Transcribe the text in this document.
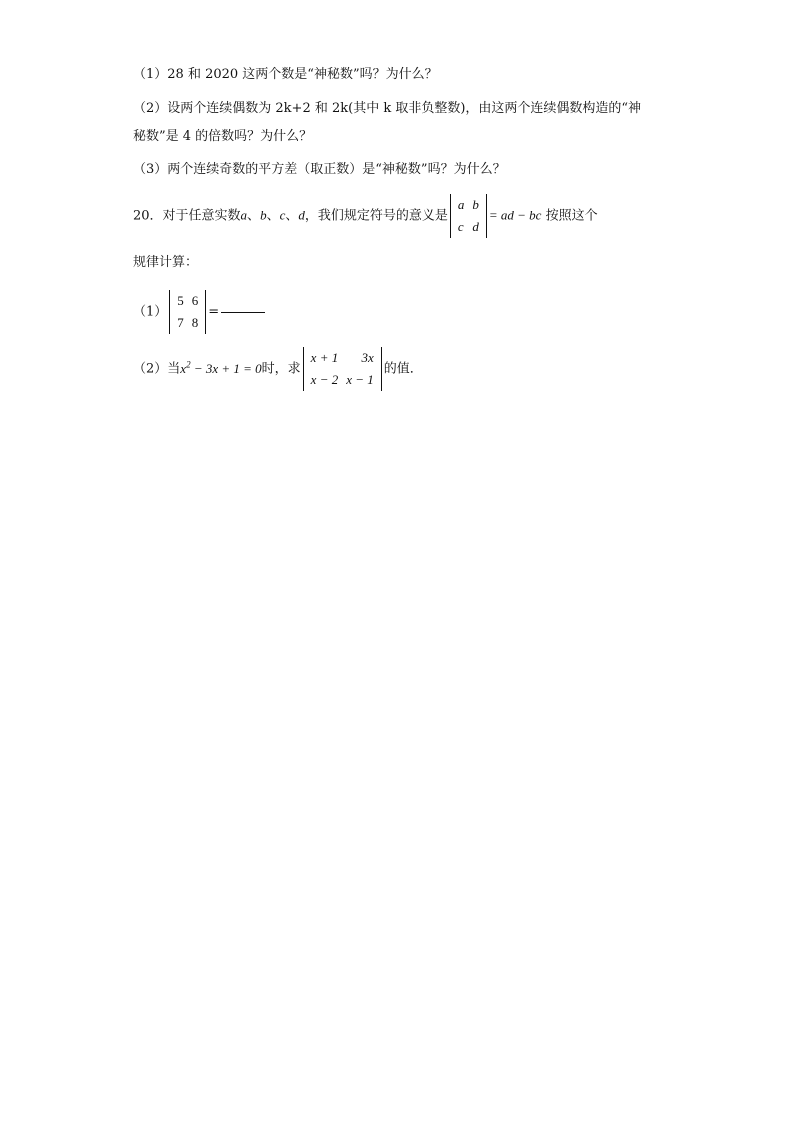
（1）28 和 2020 这两个数是“神秘数”吗？为什么？
（2）设两个连续偶数为 2k+2 和 2k(其中 k 取非负整数)，由这两个连续偶数构造的“神
秘数”是 4 的倍数吗？为什么？
（3）两个连续奇数的平方差（取正数）是“神秘数”吗？为什么？
20．对于任意实数a、b、c、d，我们规定符号的意义是
a	b
c	d
= ad − bc 按照这个
规律计算：
（1）
5	6
7	8
=
（2）当$x^2 - 3x + 1 = 0$时，求
x + 1	3x
x − 2	x − 1
的值．
